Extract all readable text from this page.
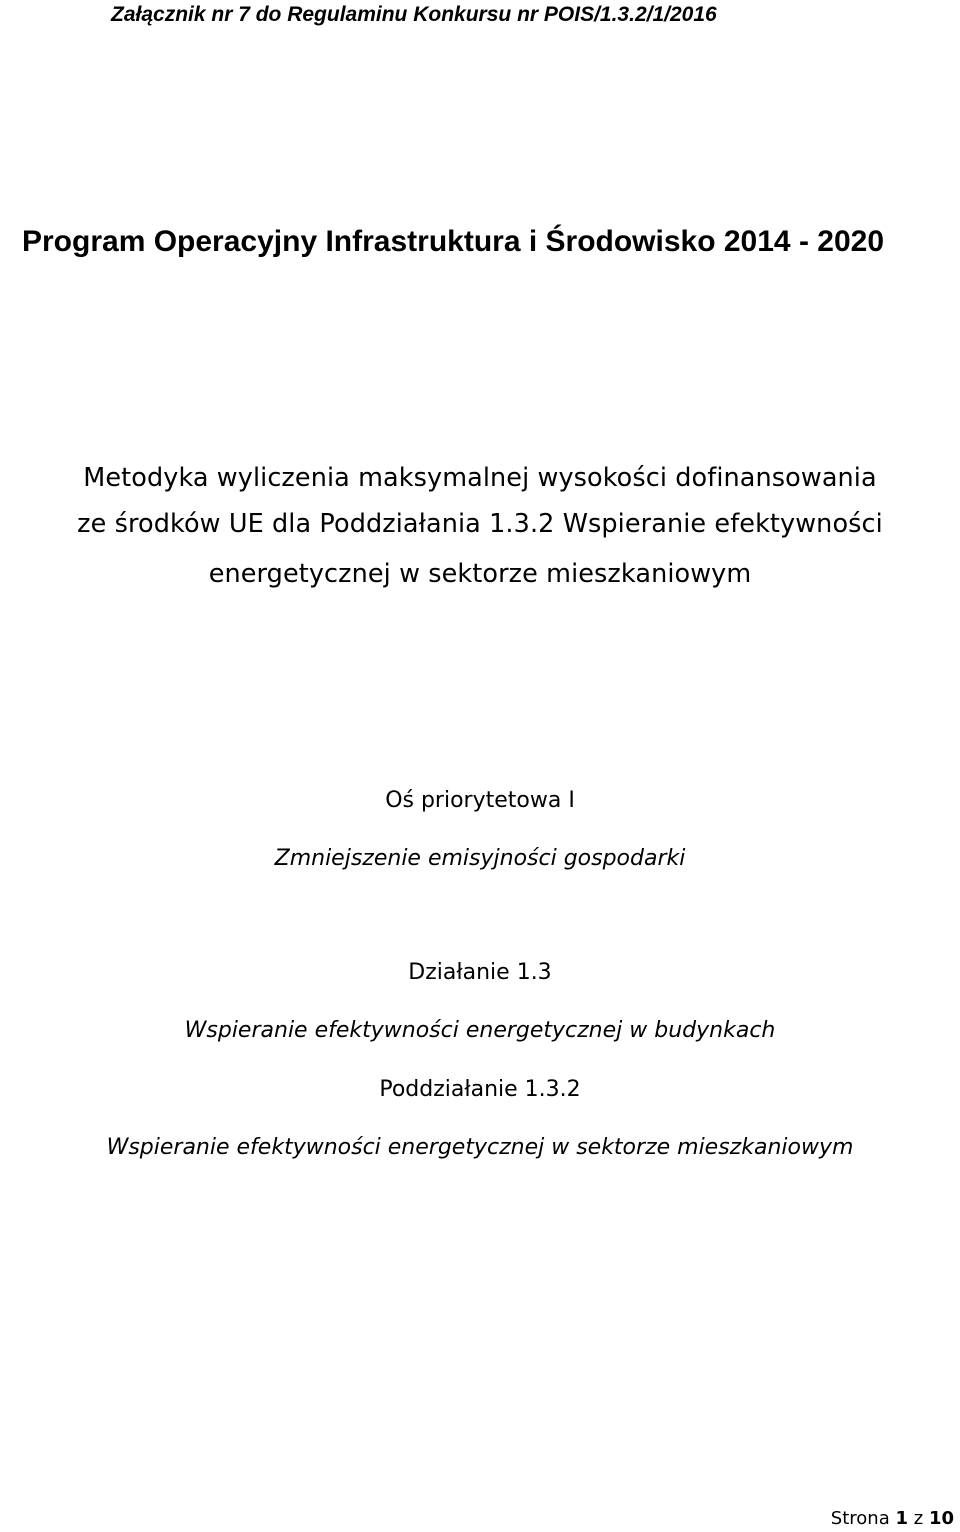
Załącznik nr 7 do Regulaminu Konkursu nr POIS/1.3.2/1/2016
Program Operacyjny Infrastruktura i Środowisko 2014 - 2020
Metodyka wyliczenia maksymalnej wysokości dofinansowania
ze środków UE dla Poddziałania 1.3.2 Wspieranie efektywności
energetycznej w sektorze mieszkaniowym
Oś priorytetowa I
Zmniejszenie emisyjności gospodarki
Działanie 1.3
Wspieranie efektywności energetycznej w budynkach
Poddziałanie 1.3.2
Wspieranie efektywności energetycznej w sektorze mieszkaniowym
Strona 1 z 10
